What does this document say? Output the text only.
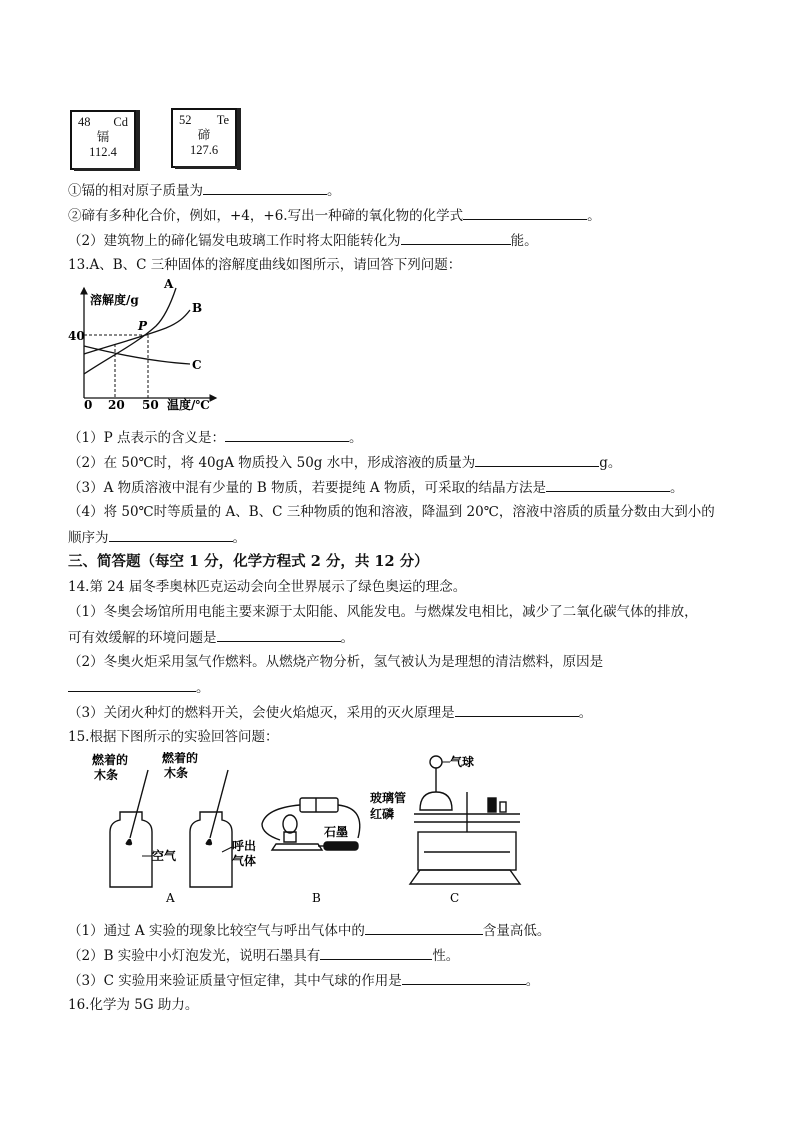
48 Cd
镉
112.4
52 Te
碲
127.6
①镉的相对原子质量为	。
②碲有多种化合价，例如，+4，+6.写出一种碲的氧化物的化学式	。
（2）建筑物上的碲化镉发电玻璃工作时将太阳能转化为	能。
13.A、B、C 三种固体的溶解度曲线如图所示，请回答下列问题：
溶解度/g
温度/℃
40
0 20 50
A
B
C
P
（1）P 点表示的含义是：	。
（2）在 50℃时，将 40gA 物质投入 50g 水中，形成溶液的质量为	g。
（3）A 物质溶液中混有少量的 B 物质，若要提纯 A 物质，可采取的结晶方法是	。
（4）将 50℃时等质量的 A、B、C 三种物质的饱和溶液，降温到 20℃，溶液中溶质的质量分数由大到小的
顺序为	。
三、简答题（每空 1 分，化学方程式 2 分，共 12 分）
14.第 24 届冬季奥林匹克运动会向全世界展示了绿色奥运的理念。
（1）冬奥会场馆所用电能主要来源于太阳能、风能发电。与燃煤发电相比，减少了二氧化碳气体的排放，
可有效缓解的环境问题是	。
（2）冬奥火炬采用氢气作燃料。从燃烧产物分析，氢气被认为是理想的清洁燃料，原因是
。
（3）关闭火种灯的燃料开关，会使火焰熄灭，采用的灭火原理是	。
15.根据下图所示的实验回答问题：
燃着的
木条
燃着的
木条
空气
呼出
气体
A
石墨
B
气球
玻璃管
红磷
C
（1）通过 A 实验的现象比较空气与呼出气体中的	含量高低。
（2）B 实验中小灯泡发光，说明石墨具有	性。
（3）C 实验用来验证质量守恒定律，其中气球的作用是	。
16.化学为 5G 助力。
